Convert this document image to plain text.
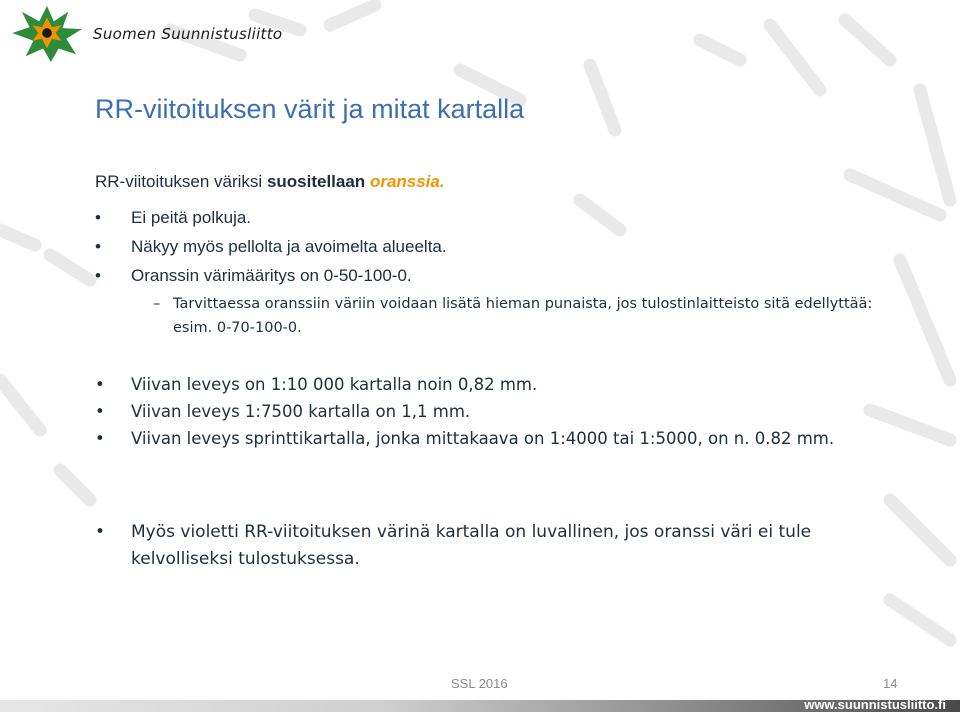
Suomen Suunnistusliitto
RR-viitoituksen värit ja mitat kartalla
RR-viitoituksen väriksi suositellaan oranssia.
• Ei peitä polkuja.
• Näkyy myös pellolta ja avoimelta alueelta.
• Oranssin värimääritys on 0-50-100-0.
– Tarvittaessa oranssiin väriin voidaan lisätä hieman punaista, jos tulostinlaitteisto sitä edellyttää: esim. 0-70-100-0.
• Viivan leveys on 1:10 000 kartalla noin 0,82 mm.
• Viivan leveys 1:7500 kartalla on 1,1 mm.
• Viivan leveys sprinttikartalla, jonka mittakaava on 1:4000 tai 1:5000, on n. 0.82 mm.
• Myös violetti RR-viitoituksen värinä kartalla on luvallinen, jos oranssi väri ei tule kelvolliseksi tulostuksessa.
SSL 2016	14
www.suunnistusliitto.fi
